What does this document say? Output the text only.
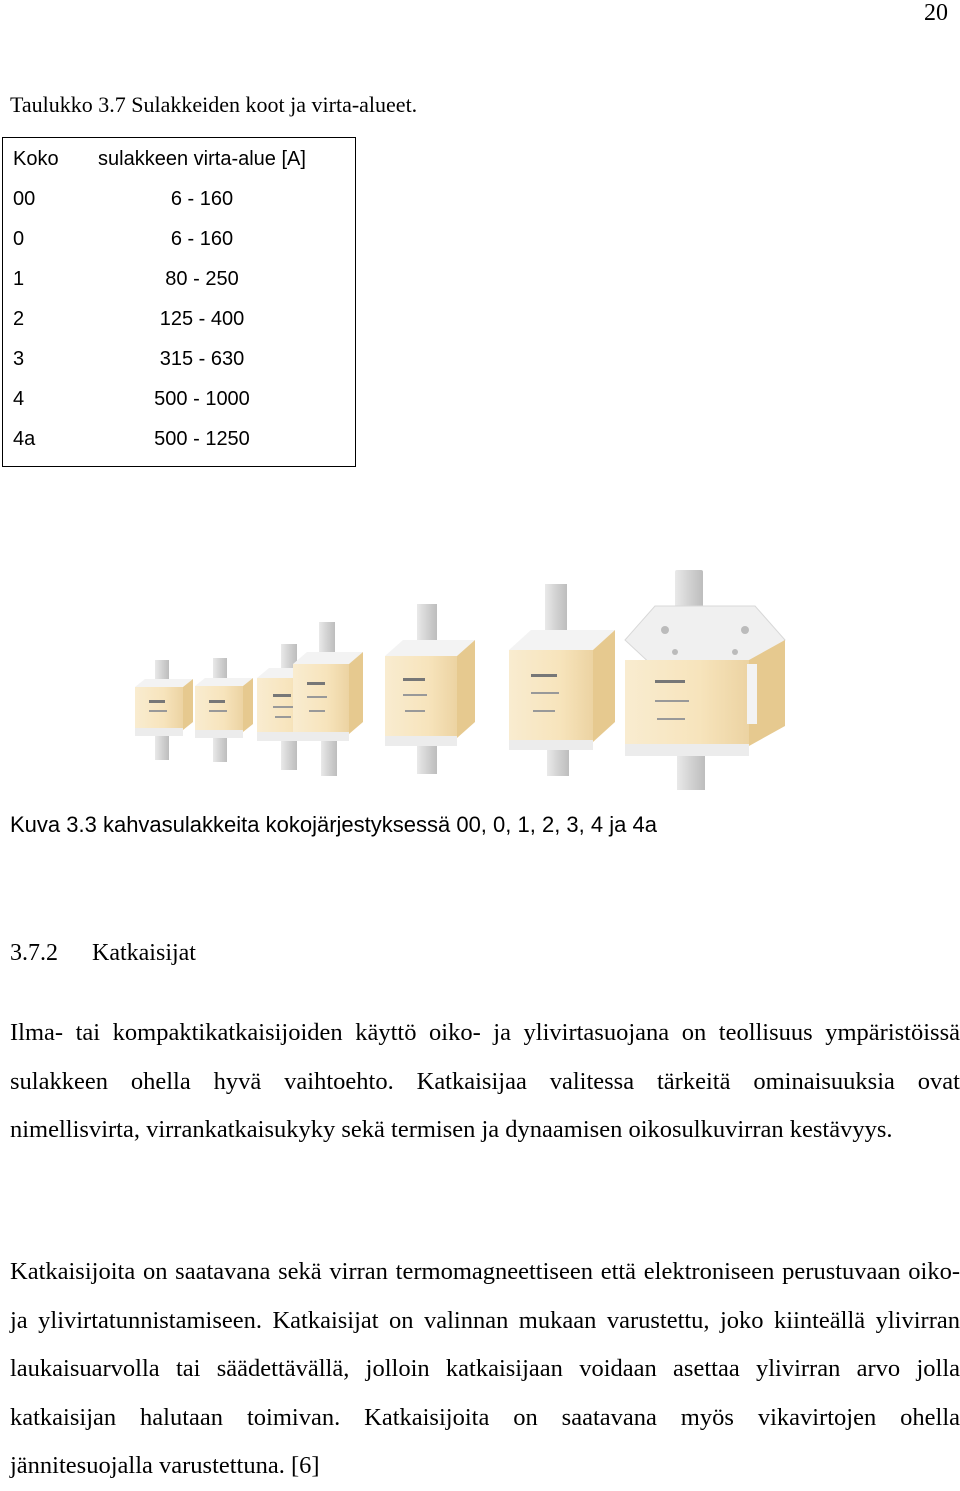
20
Taulukko 3.7 Sulakkeiden koot ja virta-alueet.
Koko	sulakkeen virta-alue [A]
00	6 - 160
0	6 - 160
1	80 - 250
2	125 - 400
3	315 - 630
4	500 - 1000
4a	500 - 1250
Kuva 3.3 kahvasulakkeita kokojärjestyksessä 00, 0, 1, 2, 3, 4 ja 4a
3.7.2 Katkaisijat

Ilma- tai kompaktikatkaisijoiden käyttö oiko- ja ylivirtasuojana on teollisuus ympäristöissä sulakkeen ohella hyvä vaihtoehto. Katkaisijaa valitessa tärkeitä ominaisuuksia ovat nimellisvirta, virrankatkaisukyky sekä termisen ja dynaamisen oikosulkuvirran kestävyys.

Katkaisijoita on saatavana sekä virran termomagneettiseen että elektroniseen perustuvaan oiko- ja ylivirtatunnistamiseen. Katkaisijat on valinnan mukaan varustettu, joko kiinteällä ylivirran laukaisuarvolla tai säädettävällä, jolloin katkaisijaan voidaan asettaa ylivirran arvo jolla katkaisijan halutaan toimivan. Katkaisijoita on saatavana myös vikavirtojen ohella jännitesuojalla varustettuna. [6]
